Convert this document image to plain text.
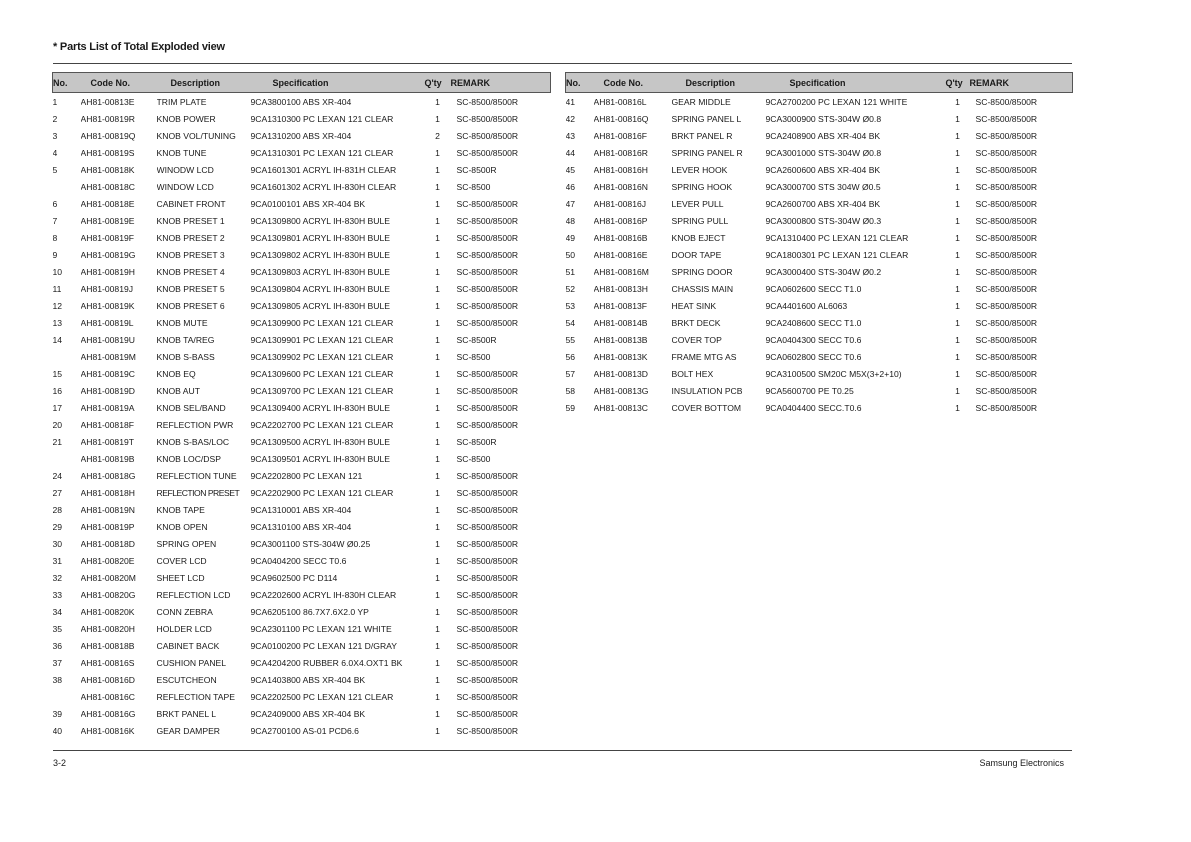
* Parts List of Total Exploded view
No.	Code No.	Description	Specification	Q'ty	REMARK
1	AH81-00813E	TRIM PLATE	9CA3800100 ABS XR-404	1	SC-8500/8500R
2	AH81-00819R	KNOB POWER	9CA1310300 PC LEXAN 121 CLEAR	1	SC-8500/8500R
3	AH81-00819Q	KNOB VOL/TUNING	9CA1310200 ABS XR-404	2	SC-8500/8500R
4	AH81-00819S	KNOB TUNE	9CA1310301 PC LEXAN 121 CLEAR	1	SC-8500/8500R
5	AH81-00818K	WINODW LCD	9CA1601301 ACRYL IH-831H CLEAR	1	SC-8500R
	AH81-00818C	WINDOW LCD	9CA1601302 ACRYL IH-830H CLEAR	1	SC-8500
6	AH81-00818E	CABINET FRONT	9CA0100101 ABS XR-404 BK	1	SC-8500/8500R
7	AH81-00819E	KNOB PRESET 1	9CA1309800 ACRYL IH-830H BULE	1	SC-8500/8500R
8	AH81-00819F	KNOB PRESET 2	9CA1309801 ACRYL IH-830H BULE	1	SC-8500/8500R
9	AH81-00819G	KNOB PRESET 3	9CA1309802 ACRYL IH-830H BULE	1	SC-8500/8500R
10	AH81-00819H	KNOB PRESET 4	9CA1309803 ACRYL IH-830H BULE	1	SC-8500/8500R
11	AH81-00819J	KNOB PRESET 5	9CA1309804 ACRYL IH-830H BULE	1	SC-8500/8500R
12	AH81-00819K	KNOB PRESET 6	9CA1309805 ACRYL IH-830H BULE	1	SC-8500/8500R
13	AH81-00819L	KNOB MUTE	9CA1309900 PC LEXAN 121 CLEAR	1	SC-8500/8500R
14	AH81-00819U	KNOB TA/REG	9CA1309901 PC LEXAN 121 CLEAR	1	SC-8500R
	AH81-00819M	KNOB S-BASS	9CA1309902 PC LEXAN 121 CLEAR	1	SC-8500
15	AH81-00819C	KNOB EQ	9CA1309600 PC LEXAN 121 CLEAR	1	SC-8500/8500R
16	AH81-00819D	KNOB AUT	9CA1309700 PC LEXAN 121 CLEAR	1	SC-8500/8500R
17	AH81-00819A	KNOB SEL/BAND	9CA1309400 ACRYL IH-830H BULE	1	SC-8500/8500R
20	AH81-00818F	REFLECTION PWR	9CA2202700 PC LEXAN 121 CLEAR	1	SC-8500/8500R
21	AH81-00819T	KNOB S-BAS/LOC	9CA1309500 ACRYL IH-830H BULE	1	SC-8500R
	AH81-00819B	KNOB LOC/DSP	9CA1309501 ACRYL IH-830H BULE	1	SC-8500
24	AH81-00818G	REFLECTION TUNE	9CA2202800 PC LEXAN 121	1	SC-8500/8500R
27	AH81-00818H	REFLECTION PRESET	9CA2202900 PC LEXAN 121 CLEAR	1	SC-8500/8500R
28	AH81-00819N	KNOB TAPE	9CA1310001 ABS XR-404	1	SC-8500/8500R
29	AH81-00819P	KNOB OPEN	9CA1310100 ABS XR-404	1	SC-8500/8500R
30	AH81-00818D	SPRING OPEN	9CA3001100 STS-304W Ø0.25	1	SC-8500/8500R
31	AH81-00820E	COVER LCD	9CA0404200 SECC T0.6	1	SC-8500/8500R
32	AH81-00820M	SHEET LCD	9CA9602500 PC D114	1	SC-8500/8500R
33	AH81-00820G	REFLECTION LCD	9CA2202600 ACRYL IH-830H CLEAR	1	SC-8500/8500R
34	AH81-00820K	CONN ZEBRA	9CA6205100 86.7X7.6X2.0 YP	1	SC-8500/8500R
35	AH81-00820H	HOLDER LCD	9CA2301100 PC LEXAN 121 WHITE	1	SC-8500/8500R
36	AH81-00818B	CABINET BACK	9CA0100200 PC LEXAN 121 D/GRAY	1	SC-8500/8500R
37	AH81-00816S	CUSHION PANEL	9CA4204200 RUBBER 6.0X4.OXT1 BK	1	SC-8500/8500R
38	AH81-00816D	ESCUTCHEON	9CA1403800 ABS XR-404 BK	1	SC-8500/8500R
	AH81-00816C	REFLECTION TAPE	9CA2202500 PC LEXAN 121 CLEAR	1	SC-8500/8500R
39	AH81-00816G	BRKT PANEL L	9CA2409000 ABS XR-404 BK	1	SC-8500/8500R
40	AH81-00816K	GEAR DAMPER	9CA2700100 AS-01 PCD6.6	1	SC-8500/8500R
No.	Code No.	Description	Specification	Q'ty	REMARK
41	AH81-00816L	GEAR MIDDLE	9CA2700200 PC LEXAN 121 WHITE	1	SC-8500/8500R
42	AH81-00816Q	SPRING PANEL L	9CA3000900 STS-304W Ø0.8	1	SC-8500/8500R
43	AH81-00816F	BRKT PANEL R	9CA2408900 ABS XR-404 BK	1	SC-8500/8500R
44	AH81-00816R	SPRING PANEL R	9CA3001000 STS-304W Ø0.8	1	SC-8500/8500R
45	AH81-00816H	LEVER HOOK	9CA2600600 ABS XR-404 BK	1	SC-8500/8500R
46	AH81-00816N	SPRING HOOK	9CA3000700 STS 304W Ø0.5	1	SC-8500/8500R
47	AH81-00816J	LEVER PULL	9CA2600700 ABS XR-404 BK	1	SC-8500/8500R
48	AH81-00816P	SPRING PULL	9CA3000800 STS-304W Ø0.3	1	SC-8500/8500R
49	AH81-00816B	KNOB EJECT	9CA1310400 PC LEXAN 121 CLEAR	1	SC-8500/8500R
50	AH81-00816E	DOOR TAPE	9CA1800301 PC LEXAN 121 CLEAR	1	SC-8500/8500R
51	AH81-00816M	SPRING DOOR	9CA3000400 STS-304W Ø0.2	1	SC-8500/8500R
52	AH81-00813H	CHASSIS MAIN	9CA0602600 SECC T1.0	1	SC-8500/8500R
53	AH81-00813F	HEAT SINK	9CA4401600 AL6063	1	SC-8500/8500R
54	AH81-00814B	BRKT DECK	9CA2408600 SECC T1.0	1	SC-8500/8500R
55	AH81-00813B	COVER TOP	9CA0404300 SECC T0.6	1	SC-8500/8500R
56	AH81-00813K	FRAME MTG AS	9CA0602800 SECC T0.6	1	SC-8500/8500R
57	AH81-00813D	BOLT HEX	9CA3100500 SM20C M5X(3+2+10)	1	SC-8500/8500R
58	AH81-00813G	INSULATION PCB	9CA5600700 PE T0.25	1	SC-8500/8500R
59	AH81-00813C	COVER BOTTOM	9CA0404400 SECC.T0.6	1	SC-8500/8500R
3-2	Samsung Electronics
